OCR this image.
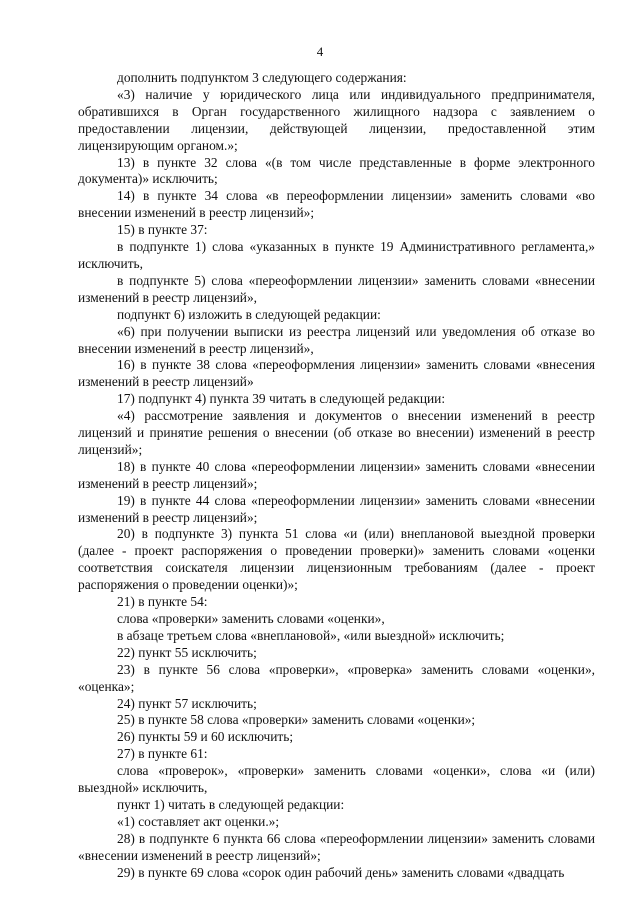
4

дополнить подпунктом 3 следующего содержания:

«3) наличие у юридического лица или индивидуального предпринимателя, обратившихся в Орган государственного жилищного надзора с заявлением о предоставлении лицензии, действующей лицензии, предоставленной этим лицензирующим органом.»;

13) в пункте 32 слова «(в том числе представленные в форме электронного документа)» исключить;

14) в пункте 34 слова «в переоформлении лицензии» заменить словами «во внесении изменений в реестр лицензий»;

15) в пункте 37:

в подпункте 1) слова «указанных в пункте 19 Административного регламента,» исключить,

в подпункте 5) слова «переоформлении лицензии» заменить словами «внесении изменений в реестр лицензий»,

подпункт 6) изложить в следующей редакции:

«6) при получении выписки из реестра лицензий или уведомления об отказе во внесении изменений в реестр лицензий»,

16) в пункте 38 слова «переоформления лицензии» заменить словами «внесения изменений в реестр лицензий»

17) подпункт 4) пункта 39 читать в следующей редакции:

«4) рассмотрение заявления и документов о внесении изменений в реестр лицензий и принятие решения о внесении (об отказе во внесении) изменений в реестр лицензий»;

18) в пункте 40 слова «переоформлении лицензии» заменить словами «внесении изменений в реестр лицензий»;

19) в пункте 44 слова «переоформлении лицензии» заменить словами «внесении изменений в реестр лицензий»;

20) в подпункте 3) пункта 51 слова «и (или) внеплановой выездной проверки (далее - проект распоряжения о проведении проверки)» заменить словами «оценки соответствия соискателя лицензии лицензионным требованиям (далее - проект распоряжения о проведении оценки)»;

21) в пункте 54:

слова «проверки» заменить словами «оценки»,

в абзаце третьем слова «внеплановой», «или выездной» исключить;

22) пункт 55 исключить;

23) в пункте 56 слова «проверки», «проверка» заменить словами «оценки», «оценка»;

24) пункт 57 исключить;

25) в пункте 58 слова «проверки» заменить словами «оценки»;

26) пункты 59 и 60 исключить;

27) в пункте 61:

слова «проверок», «проверки» заменить словами «оценки», слова «и (или) выездной» исключить,

пункт 1) читать в следующей редакции:

«1) составляет акт оценки.»;

28) в подпункте 6 пункта 66 слова «переоформлении лицензии» заменить словами «внесении изменений в реестр лицензий»;

29) в пункте 69 слова «сорок один рабочий день» заменить словами «двадцать
